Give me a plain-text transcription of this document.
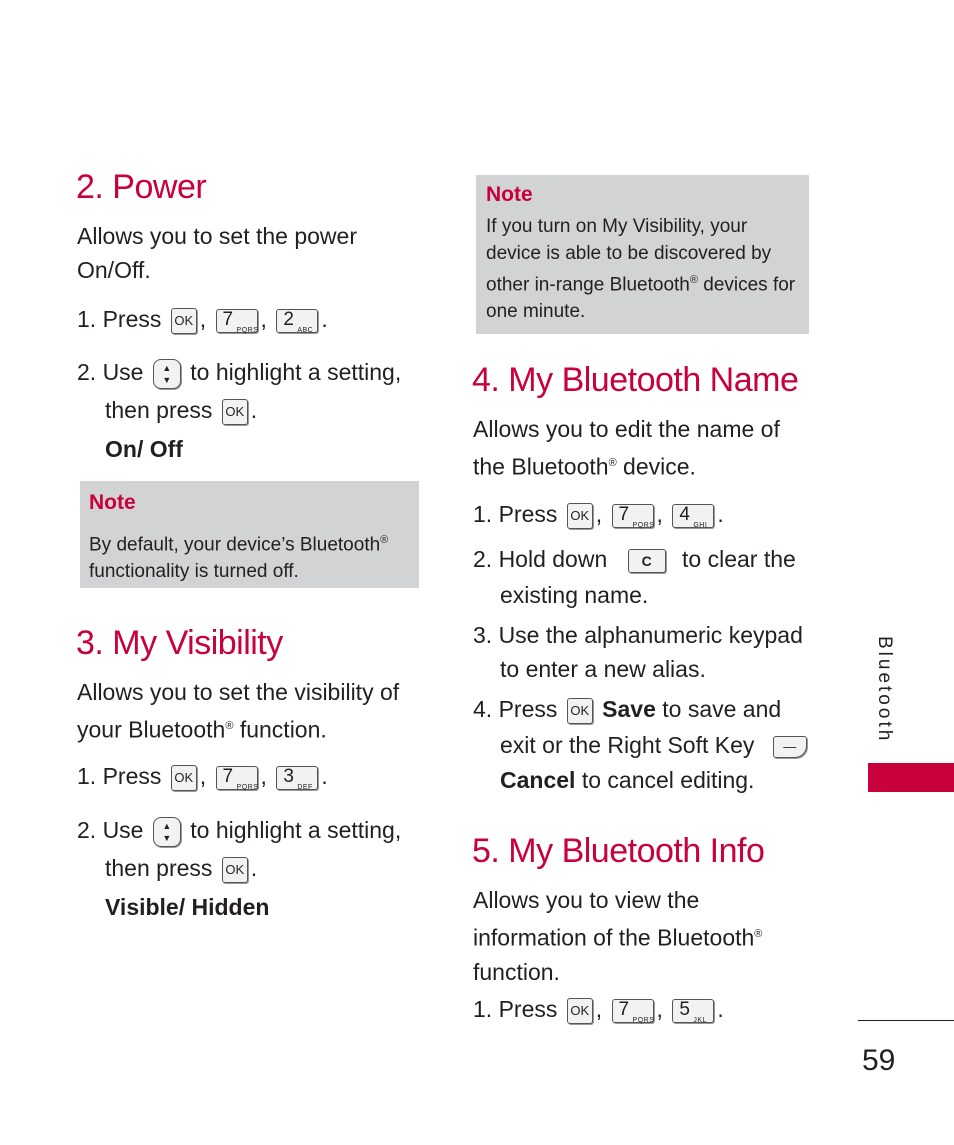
2. Power
Allows you to set the power
On/Off.
1. Press OK , 7
PQRS , 2
ABC .
2. Use ▲
▼ to highlight a setting,
then press OK .
On/ Off
Note
By default, your device’s Bluetooth®
functionality is turned off.
3. My Visibility
Allows you to set the visibility of
your Bluetooth® function.
1. Press OK , 7
PQRS , 3
DEF .
2. Use ▲
▼ to highlight a setting,
then press OK .
Visible/ Hidden
Note
If you turn on My Visibility, your
device is able to be discovered by
other in-range Bluetooth® devices for
one minute.
4. My Bluetooth Name
Allows you to edit the name of
the Bluetooth® device.
1. Press OK , 7
PQRS , 4
GHI .
2. Hold down C to clear the
existing name.
3. Use the alphanumeric keypad
to enter a new alias.
4. Press OK Save to save and
exit or the Right Soft Key —
Cancel to cancel editing.
5. My Bluetooth Info
Allows you to view the
information of the Bluetooth®
function.
1. Press OK , 7
PQRS , 5
JKL .
Bluetooth
59
